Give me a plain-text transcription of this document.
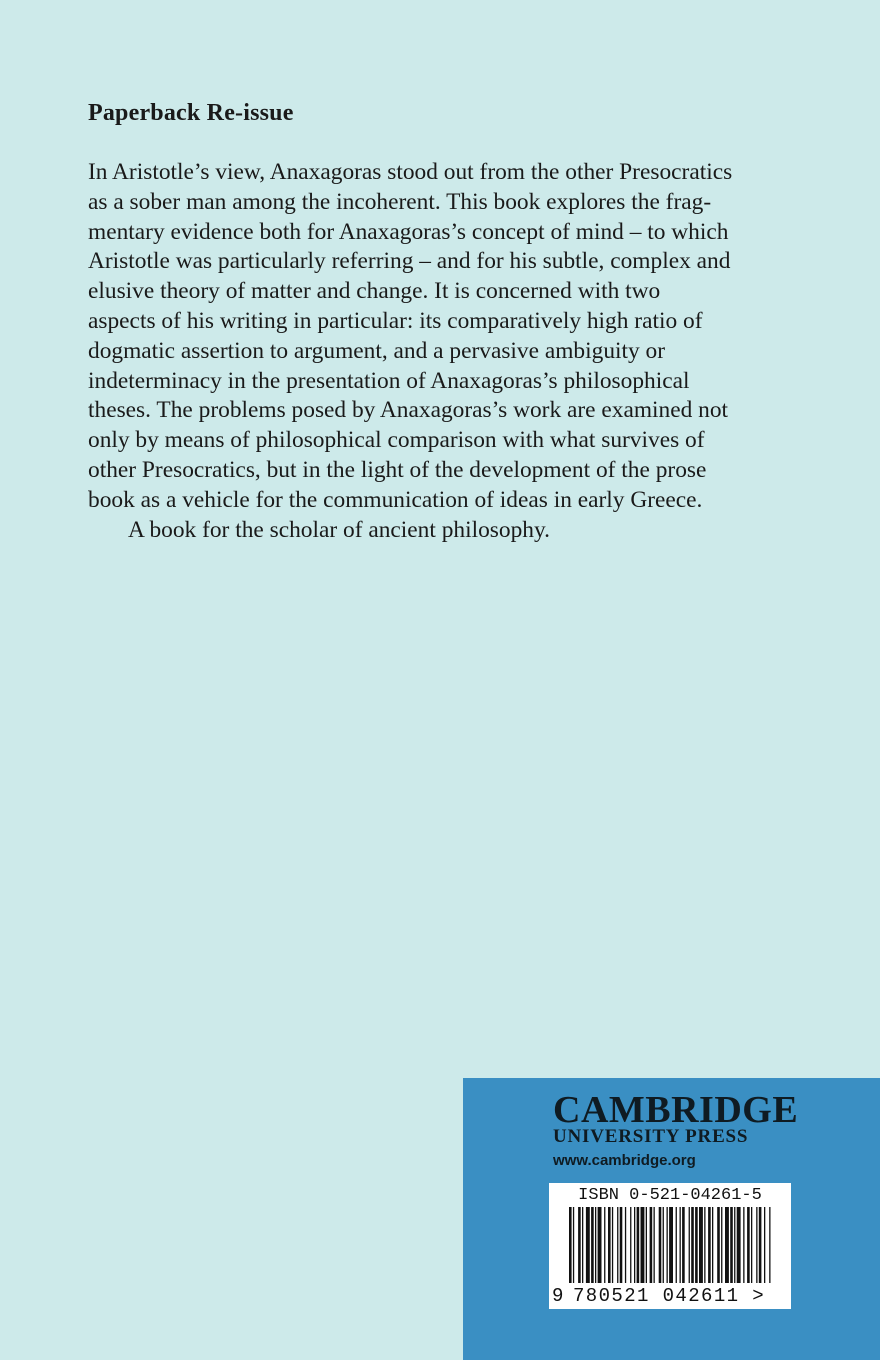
Paperback Re-issue
In Aristotle’s view, Anaxagoras stood out from the other Presocratics
as a sober man among the incoherent. This book explores the frag-
mentary evidence both for Anaxagoras’s concept of mind – to which
Aristotle was particularly referring – and for his subtle, complex and
elusive theory of matter and change. It is concerned with two
aspects of his writing in particular: its comparatively high ratio of
dogmatic assertion to argument, and a pervasive ambiguity or
indeterminacy in the presentation of Anaxagoras’s philosophical
theses. The problems posed by Anaxagoras’s work are examined not
only by means of philosophical comparison with what survives of
other Presocratics, but in the light of the development of the prose
book as a vehicle for the communication of ideas in early Greece.
A book for the scholar of ancient philosophy.
CAMBRIDGE
UNIVERSITY PRESS
www.cambridge.org
ISBN 0-521-04261-5
9 780521 042611 >
